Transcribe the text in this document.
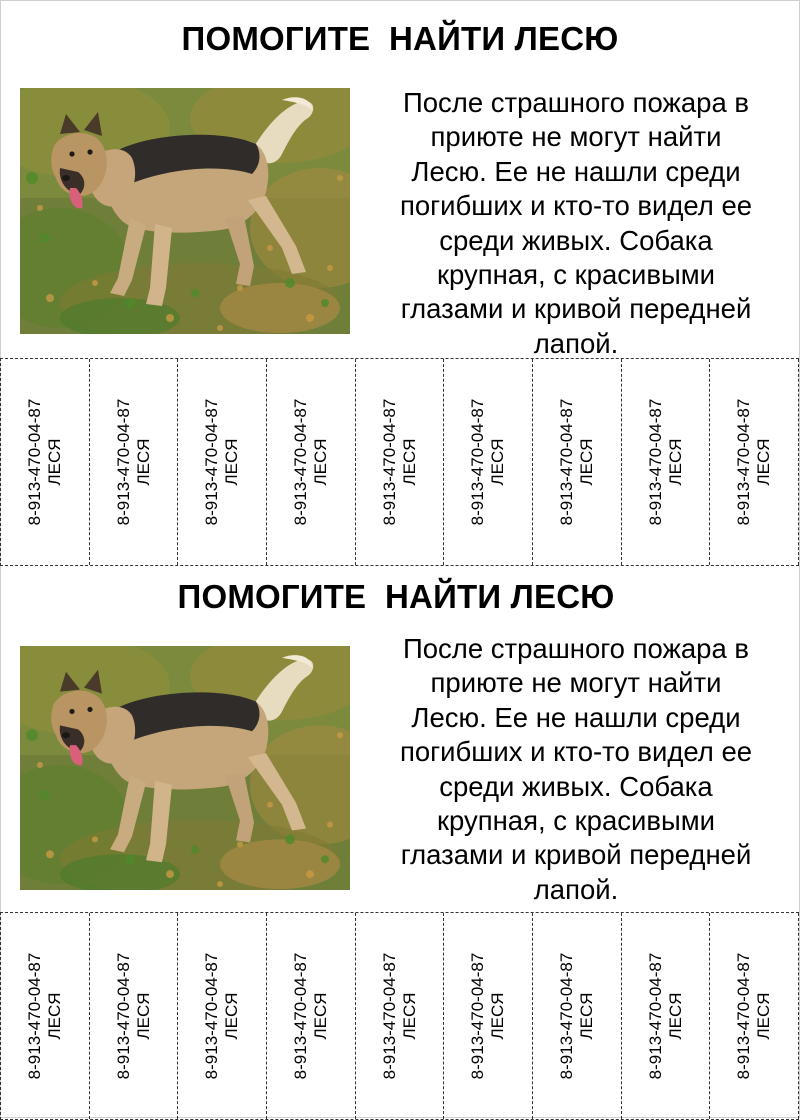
ПОМОГИТЕ  НАЙТИ ЛЕСЮ
После страшного пожара в
приюте не могут найти
Лесю. Ее не нашли среди
погибших и кто-то видел ее
среди живых. Собака
крупная, с красивыми
глазами и кривой передней
лапой.
8-913-470-04-87 ЛЕСЯ	8-913-470-04-87 ЛЕСЯ	8-913-470-04-87 ЛЕСЯ	8-913-470-04-87 ЛЕСЯ	8-913-470-04-87 ЛЕСЯ	8-913-470-04-87 ЛЕСЯ	8-913-470-04-87 ЛЕСЯ	8-913-470-04-87 ЛЕСЯ	8-913-470-04-87 ЛЕСЯ
ПОМОГИТЕ  НАЙТИ ЛЕСЮ
После страшного пожара в
приюте не могут найти
Лесю. Ее не нашли среди
погибших и кто-то видел ее
среди живых. Собака
крупная, с красивыми
глазами и кривой передней
лапой.
8-913-470-04-87 ЛЕСЯ	8-913-470-04-87 ЛЕСЯ	8-913-470-04-87 ЛЕСЯ	8-913-470-04-87 ЛЕСЯ	8-913-470-04-87 ЛЕСЯ	8-913-470-04-87 ЛЕСЯ	8-913-470-04-87 ЛЕСЯ	8-913-470-04-87 ЛЕСЯ	8-913-470-04-87 ЛЕСЯ
